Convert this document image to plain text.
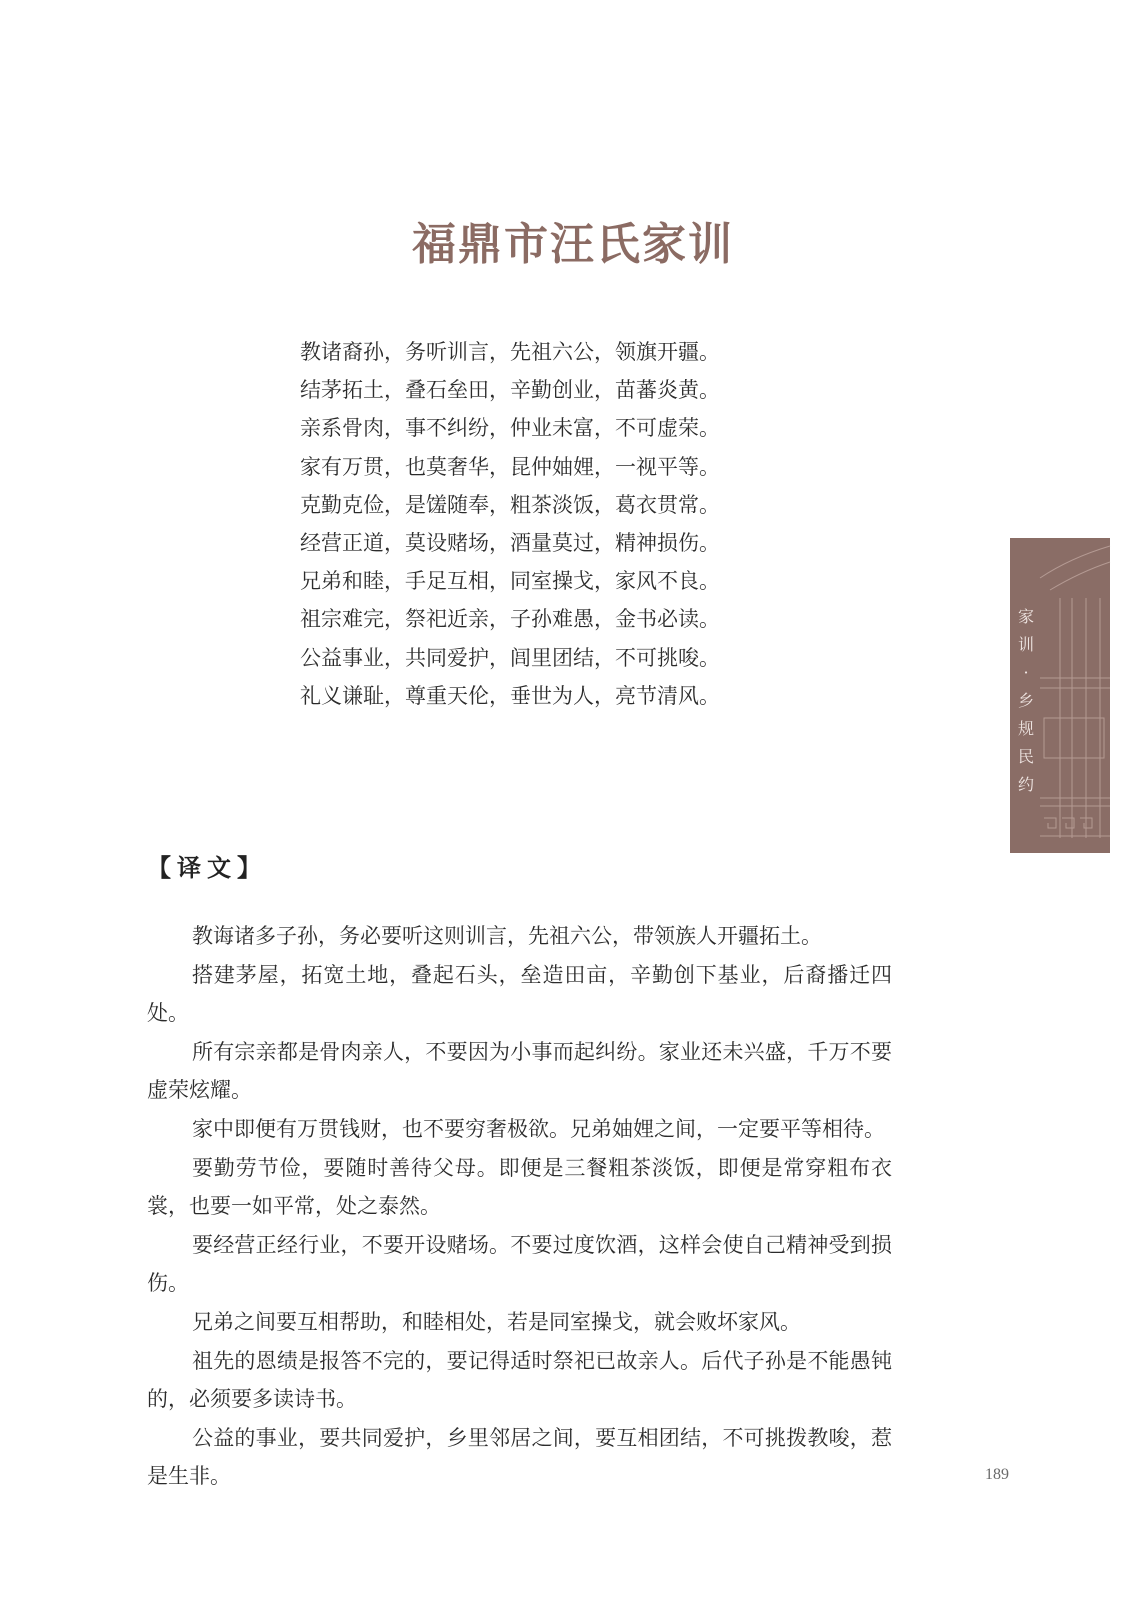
福鼎市汪氏家训
教诸裔孙，务听训言，先祖六公，领旗开疆。
结茅拓土，叠石垒田，辛勤创业，苗蕃炎黄。
亲系骨肉，事不纠纷，仲业未富，不可虚荣。
家有万贯，也莫奢华，昆仲妯娌，一视平等。
克勤克俭，是馐随奉，粗茶淡饭，葛衣贯常。
经营正道，莫设赌场，酒量莫过，精神损伤。
兄弟和睦，手足互相，同室操戈，家风不良。
祖宗难完，祭祀近亲，子孙难愚，金书必读。
公益事业，共同爱护，闾里团结，不可挑唆。
礼义谦耻，尊重天伦，垂世为人，亮节清风。
【译文】

教诲诸多子孙，务必要听这则训言，先祖六公，带领族人开疆拓土。

搭建茅屋，拓宽土地，叠起石头，垒造田亩，辛勤创下基业，后裔播迁四处。

所有宗亲都是骨肉亲人，不要因为小事而起纠纷。家业还未兴盛，千万不要虚荣炫耀。

家中即便有万贯钱财，也不要穷奢极欲。兄弟妯娌之间，一定要平等相待。

要勤劳节俭，要随时善待父母。即便是三餐粗茶淡饭，即便是常穿粗布衣裳，也要一如平常，处之泰然。

要经营正经行业，不要开设赌场。不要过度饮酒，这样会使自己精神受到损伤。

兄弟之间要互相帮助，和睦相处，若是同室操戈，就会败坏家风。

祖先的恩绩是报答不完的，要记得适时祭祀已故亲人。后代子孙是不能愚钝的，必须要多读诗书。

公益的事业，要共同爱护，乡里邻居之间，要互相团结，不可挑拨教唆，惹是生非。

福
鼎
市
家
训
·
乡
规
民
约
189
